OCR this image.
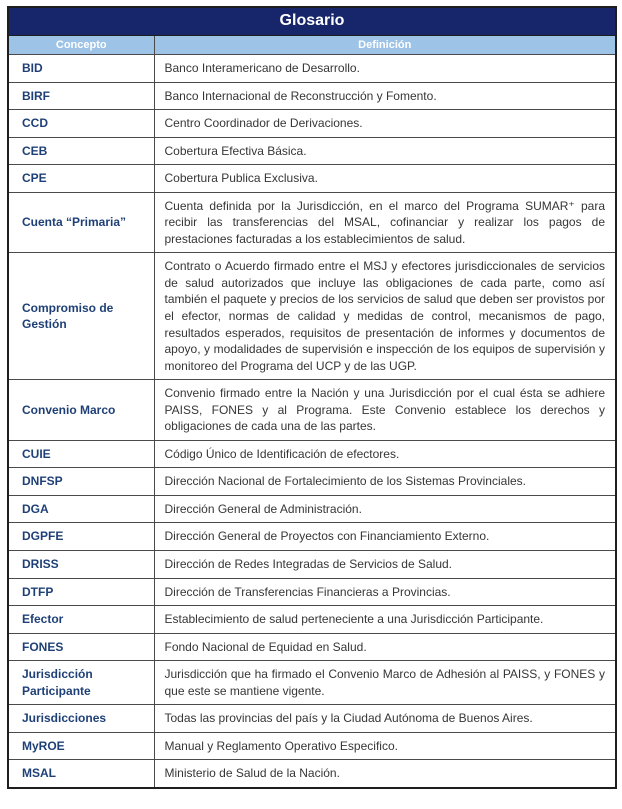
Glosario	
Concepto	Definición
BID	Banco Interamericano de Desarrollo.
BIRF	Banco Internacional de Reconstrucción y Fomento.
CCD	Centro Coordinador de Derivaciones.
CEB	Cobertura Efectiva Básica.
CPE	Cobertura Publica Exclusiva.
Cuenta “Primaria”	Cuenta definida por la Jurisdicción, en el marco del Programa SUMAR⁺ para recibir las transferencias del MSAL, cofinanciar y realizar los pagos de prestaciones facturadas a los establecimientos de salud.
Compromiso de Gestión	Contrato o Acuerdo firmado entre el MSJ y efectores jurisdiccionales de servicios de salud autorizados que incluye las obligaciones de cada parte, como así también el paquete y precios de los servicios de salud que deben ser provistos por el efector, normas de calidad y medidas de control, mecanismos de pago, resultados esperados, requisitos de presentación de informes y documentos de apoyo, y modalidades de supervisión e inspección de los equipos de supervisión y monitoreo del Programa del UCP y de las UGP.
Convenio Marco	Convenio firmado entre la Nación y una Jurisdicción por el cual ésta se adhiere PAISS, FONES y al Programa. Este Convenio establece los derechos y obligaciones de cada una de las partes.
CUIE	Código Único de Identificación de efectores.
DNFSP	Dirección Nacional de Fortalecimiento de los Sistemas Provinciales.
DGA	Dirección General de Administración.
DGPFE	Dirección General de Proyectos con Financiamiento Externo.
DRISS	Dirección de Redes Integradas de Servicios de Salud.
DTFP	Dirección de Transferencias Financieras a Provincias.
Efector	Establecimiento de salud perteneciente a una Jurisdicción Participante.
FONES	Fondo Nacional de Equidad en Salud.
Jurisdicción Participante	Jurisdicción que ha firmado el Convenio Marco de Adhesión al PAISS, y FONES y que este se mantiene vigente.
Jurisdicciones	Todas las provincias del país y la Ciudad Autónoma de Buenos Aires.
MyROE	Manual y Reglamento Operativo Especifico.
MSAL	Ministerio de Salud de la Nación.
